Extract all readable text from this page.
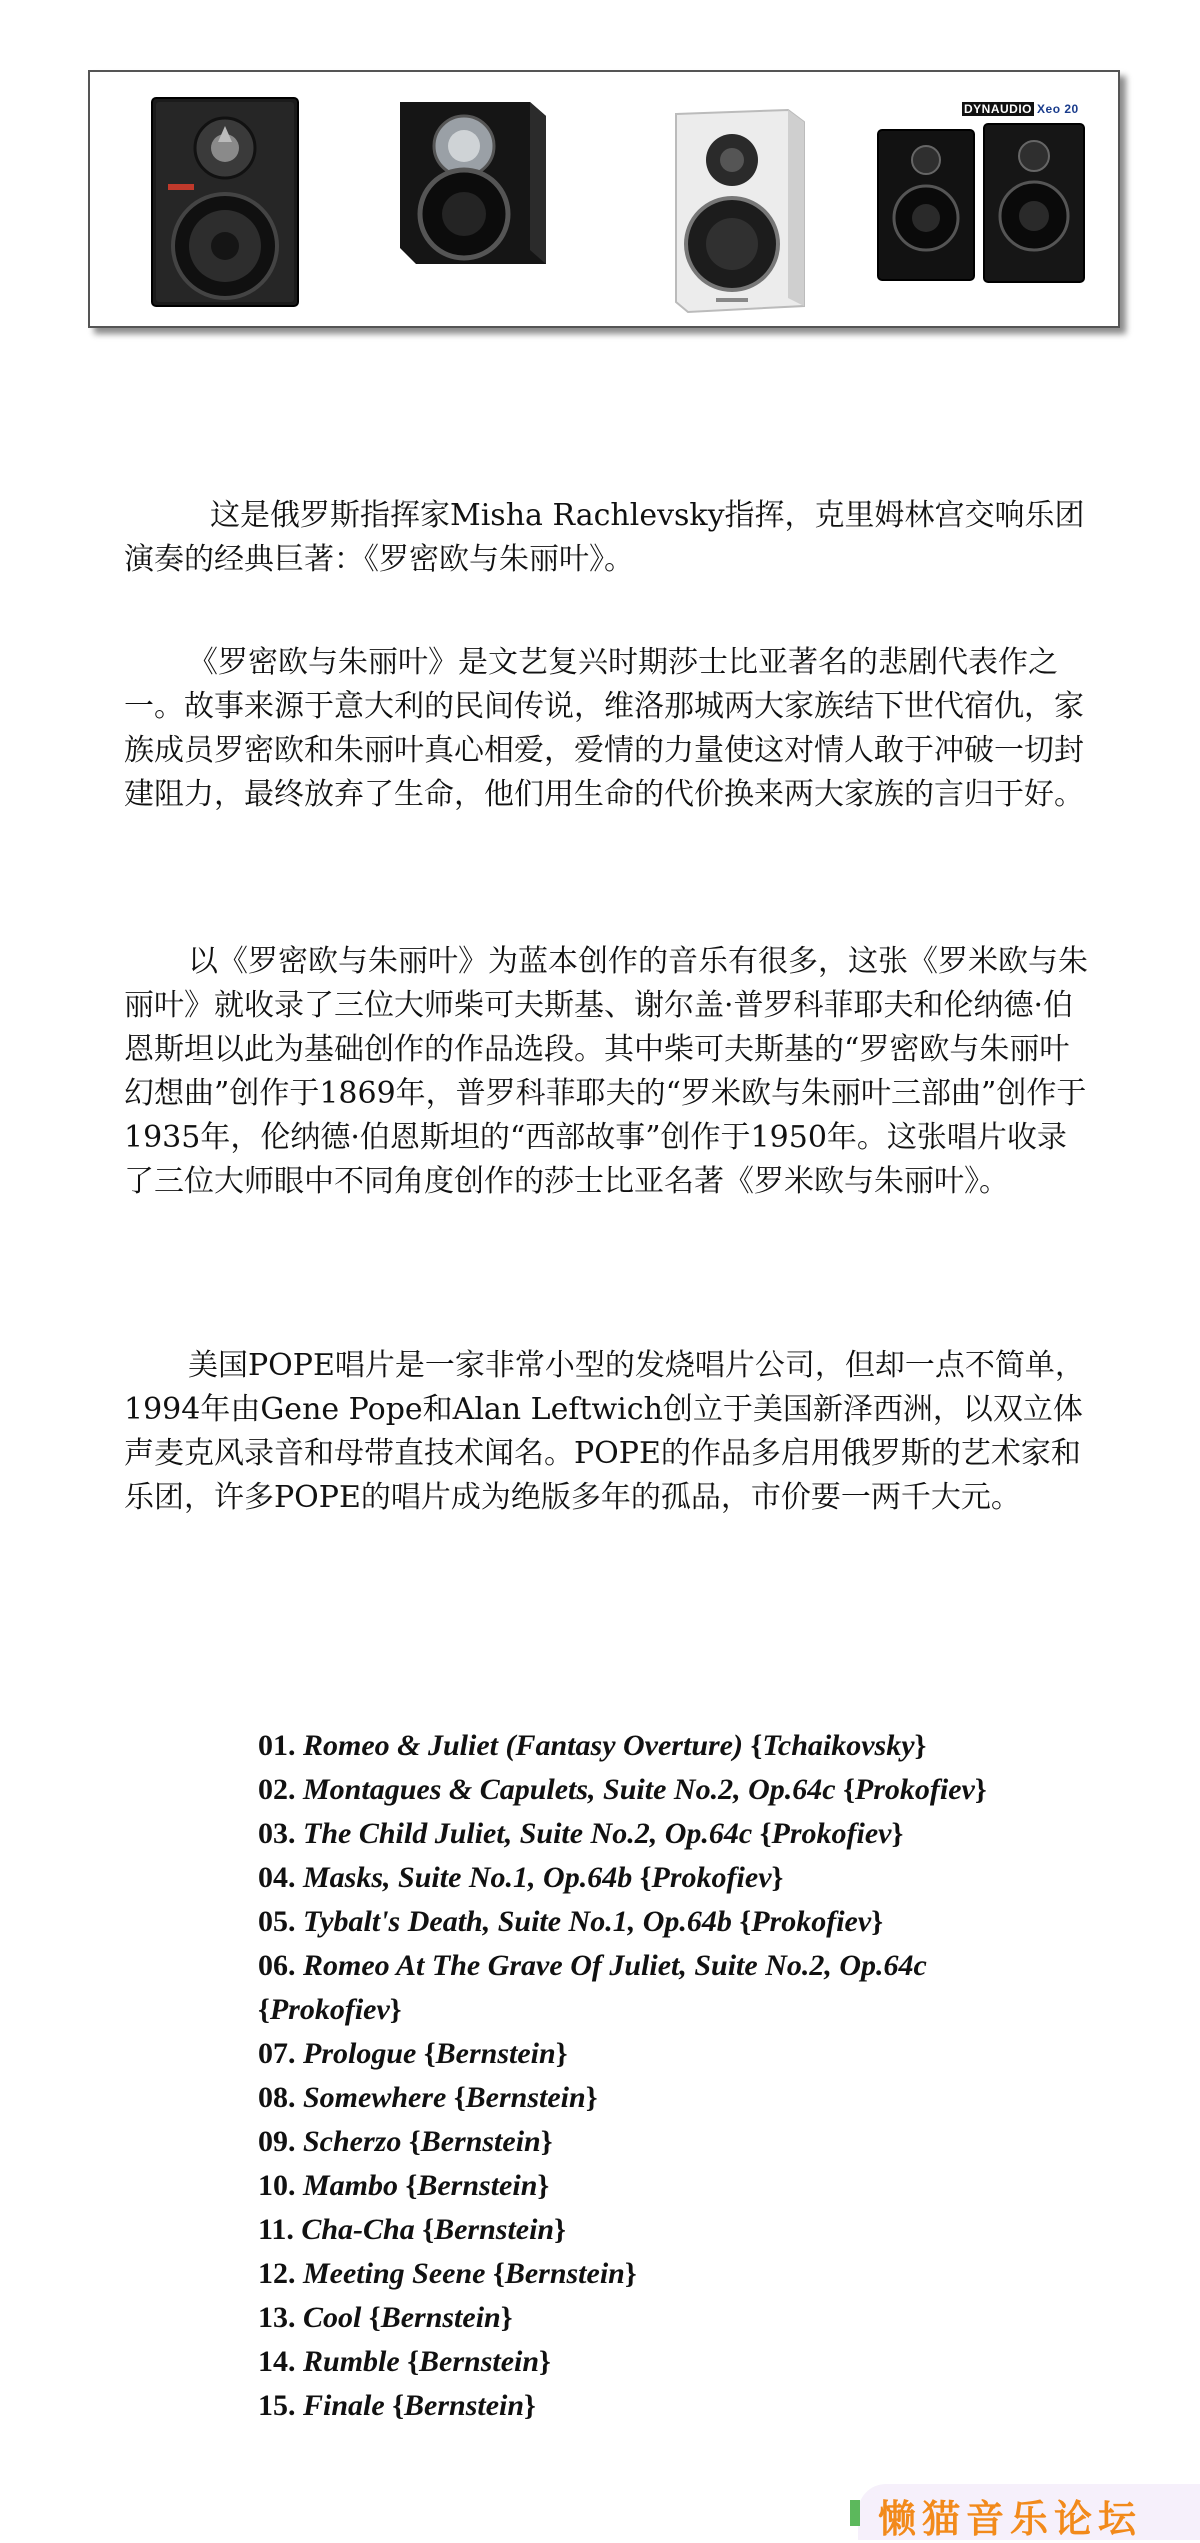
DYNAUDIO Xeo 20

这是俄罗斯指挥家Misha Rachlevsky指挥，克里姆林宫交响乐团演奏的经典巨著：《罗密欧与朱丽叶》。

《罗密欧与朱丽叶》是文艺复兴时期莎士比亚著名的悲剧代表作之一。故事来源于意大利的民间传说，维洛那城两大家族结下世代宿仇，家族成员罗密欧和朱丽叶真心相爱，爱情的力量使这对情人敢于冲破一切封建阻力，最终放弃了生命，他们用生命的代价换来两大家族的言归于好。

以《罗密欧与朱丽叶》为蓝本创作的音乐有很多，这张《罗米欧与朱丽叶》就收录了三位大师柴可夫斯基、谢尔盖·普罗科菲耶夫和伦纳德·伯恩斯坦以此为基础创作的作品选段。其中柴可夫斯基的“罗密欧与朱丽叶幻想曲”创作于1869年，普罗科菲耶夫的“罗米欧与朱丽叶三部曲”创作于1935年，伦纳德·伯恩斯坦的“西部故事”创作于1950年。这张唱片收录了三位大师眼中不同角度创作的莎士比亚名著《罗米欧与朱丽叶》。

美国POPE唱片是一家非常小型的发烧唱片公司，但却一点不简单，1994年由Gene Pope和Alan Leftwich创立于美国新泽西洲，以双立体声麦克风录音和母带直技术闻名。POPE的作品多启用俄罗斯的艺术家和乐团，许多POPE的唱片成为绝版多年的孤品，市价要一两千大元。

01. Romeo & Juliet (Fantasy Overture) {Tchaikovsky}
02. Montagues & Capulets, Suite No.2, Op.64c {Prokofiev}
03. The Child Juliet, Suite No.2, Op.64c {Prokofiev}
04. Masks, Suite No.1, Op.64b {Prokofiev}
05. Tybalt's Death, Suite No.1, Op.64b {Prokofiev}
06. Romeo At The Grave Of Juliet, Suite No.2, Op.64c {Prokofiev}
07. Prologue {Bernstein}
08. Somewhere {Bernstein}
09. Scherzo {Bernstein}
10. Mambo {Bernstein}
11. Cha-Cha {Bernstein}
12. Meeting Seene {Bernstein}
13. Cool {Bernstein}
14. Rumble {Bernstein}
15. Finale {Bernstein}
懒猫音乐论坛
